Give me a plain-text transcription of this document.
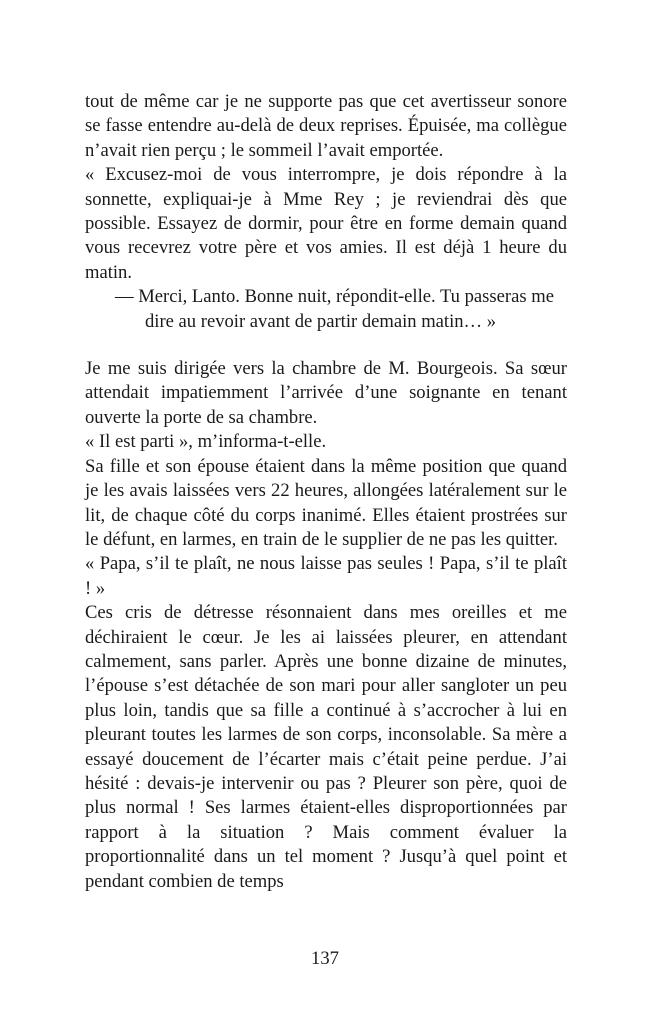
tout de même car je ne supporte pas que cet avertisseur sonore se fasse entendre au-delà de deux reprises. Épuisée, ma collègue n’avait rien perçu ; le sommeil l’avait emportée.

« Excusez-moi de vous interrompre, je dois répondre à la sonnette, expliquai-je à Mme Rey ; je reviendrai dès que possible. Essayez de dormir, pour être en forme demain quand vous recevrez votre père et vos amies. Il est déjà 1 heure du matin.

— Merci, Lanto. Bonne nuit, répondit-elle. Tu passeras me dire au revoir avant de partir demain matin… »

Je me suis dirigée vers la chambre de M. Bourgeois. Sa sœur attendait impatiemment l’arrivée d’une soignante en tenant ouverte la porte de sa chambre.

« Il est parti », m’informa-t-elle.

Sa fille et son épouse étaient dans la même position que quand je les avais laissées vers 22 heures, allongées latéralement sur le lit, de chaque côté du corps inanimé. Elles étaient prostrées sur le défunt, en larmes, en train de le supplier de ne pas les quitter.

« Papa, s’il te plaît, ne nous laisse pas seules ! Papa, s’il te plaît ! »

Ces cris de détresse résonnaient dans mes oreilles et me déchiraient le cœur. Je les ai laissées pleurer, en attendant calmement, sans parler. Après une bonne dizaine de minutes, l’épouse s’est détachée de son mari pour aller sangloter un peu plus loin, tandis que sa fille a continué à s’accrocher à lui en pleurant toutes les larmes de son corps, inconsolable. Sa mère a essayé doucement de l’écarter mais c’était peine perdue. J’ai hésité : devais-je intervenir ou pas ? Pleurer son père, quoi de plus normal ! Ses larmes étaient-elles disproportionnées par rapport à la situation ? Mais comment évaluer la proportionnalité dans un tel moment ? Jusqu’à quel point et pendant combien de temps

137
